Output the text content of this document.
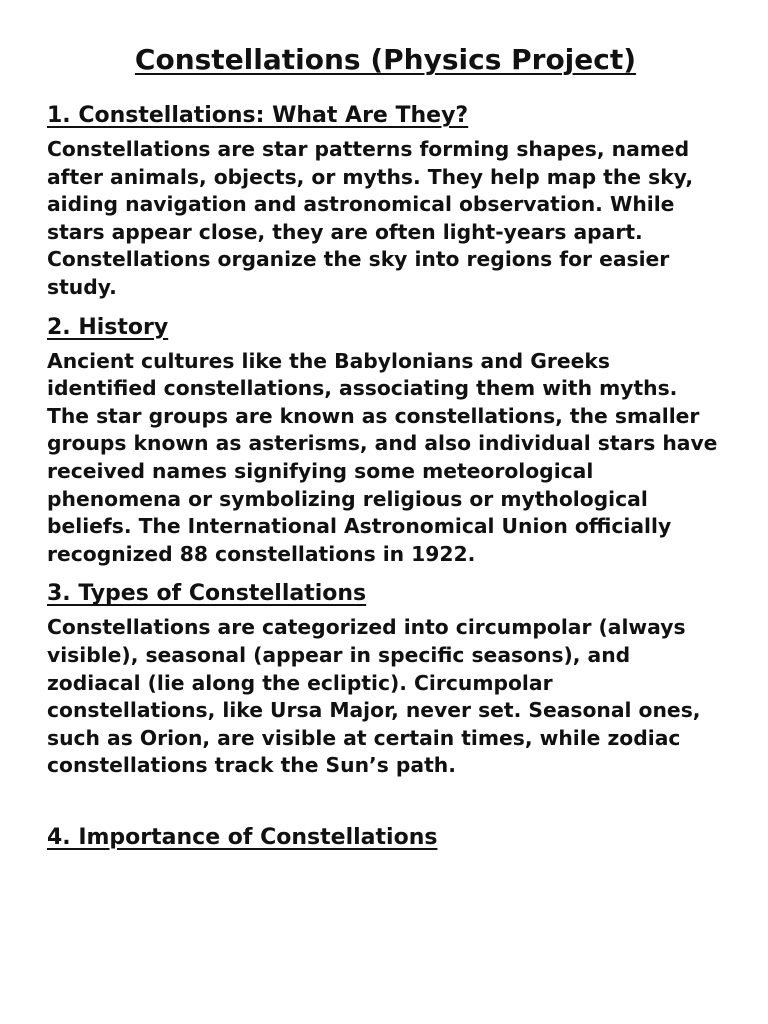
Constellations (Physics Project)
1. Constellations: What Are They?

Constellations are star patterns forming shapes, named after animals, objects, or myths. They help map the sky, aiding navigation and astronomical observation. While stars appear close, they are often light-years apart. Constellations organize the sky into regions for easier study.

2. History

Ancient cultures like the Babylonians and Greeks identified constellations, associating them with myths. The star groups are known as constellations, the smaller groups known as asterisms, and also individual stars have received names signifying some meteorological phenomena or symbolizing religious or mythological beliefs. The International Astronomical Union officially recognized 88 constellations in 1922.

3. Types of Constellations

Constellations are categorized into circumpolar (always visible), seasonal (appear in specific seasons), and zodiacal (lie along the ecliptic). Circumpolar constellations, like Ursa Major, never set. Seasonal ones, such as Orion, are visible at certain times, while zodiac constellations track the Sun’s path.

4. Importance of Constellations
